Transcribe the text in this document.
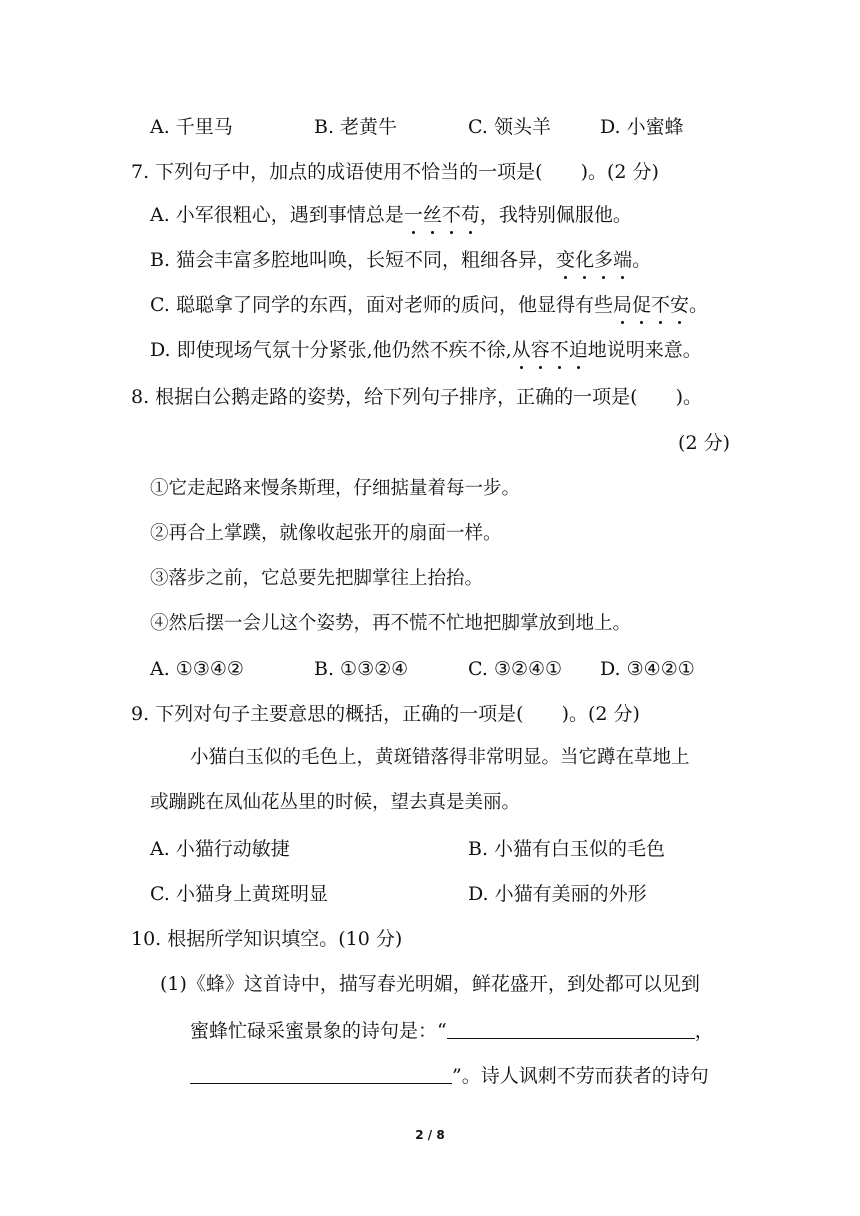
A. 千里马	B. 老黄牛	C. 领头羊	D. 小蜜蜂
7. 下列句子中，加点的成语使用不恰当的一项是(　　)。(2 分)
A. 小军很粗心，遇到事情总是一丝不苟，我特别佩服他。
B. 猫会丰富多腔地叫唤，长短不同，粗细各异，变化多端。
C. 聪聪拿了同学的东西，面对老师的质问，他显得有些局促不安。
D. 即使现场气氛十分紧张,他仍然不疾不徐,从容不迫地说明来意。
8. 根据白公鹅走路的姿势，给下列句子排序，正确的一项是(　　)。
(2 分)
①它走起路来慢条斯理，仔细掂量着每一步。
②再合上掌蹼，就像收起张开的扇面一样。
③落步之前，它总要先把脚掌往上抬抬。
④然后摆一会儿这个姿势，再不慌不忙地把脚掌放到地上。
A. ①③④②	B. ①③②④	C. ③②④① D. ③④②①
9. 下列对句子主要意思的概括，正确的一项是(　　)。(2 分)
小猫白玉似的毛色上，黄斑错落得非常明显。当它蹲在草地上
或蹦跳在凤仙花丛里的时候，望去真是美丽。
A. 小猫行动敏捷	B. 小猫有白玉似的毛色
C. 小猫身上黄斑明显	D. 小猫有美丽的外形
10. 根据所学知识填空。(10 分)
(1)《蜂》这首诗中，描写春光明媚，鲜花盛开，到处都可以见到
蜜蜂忙碌采蜜景象的诗句是：“	，
”。诗人讽刺不劳而获者的诗句
2 / 8
